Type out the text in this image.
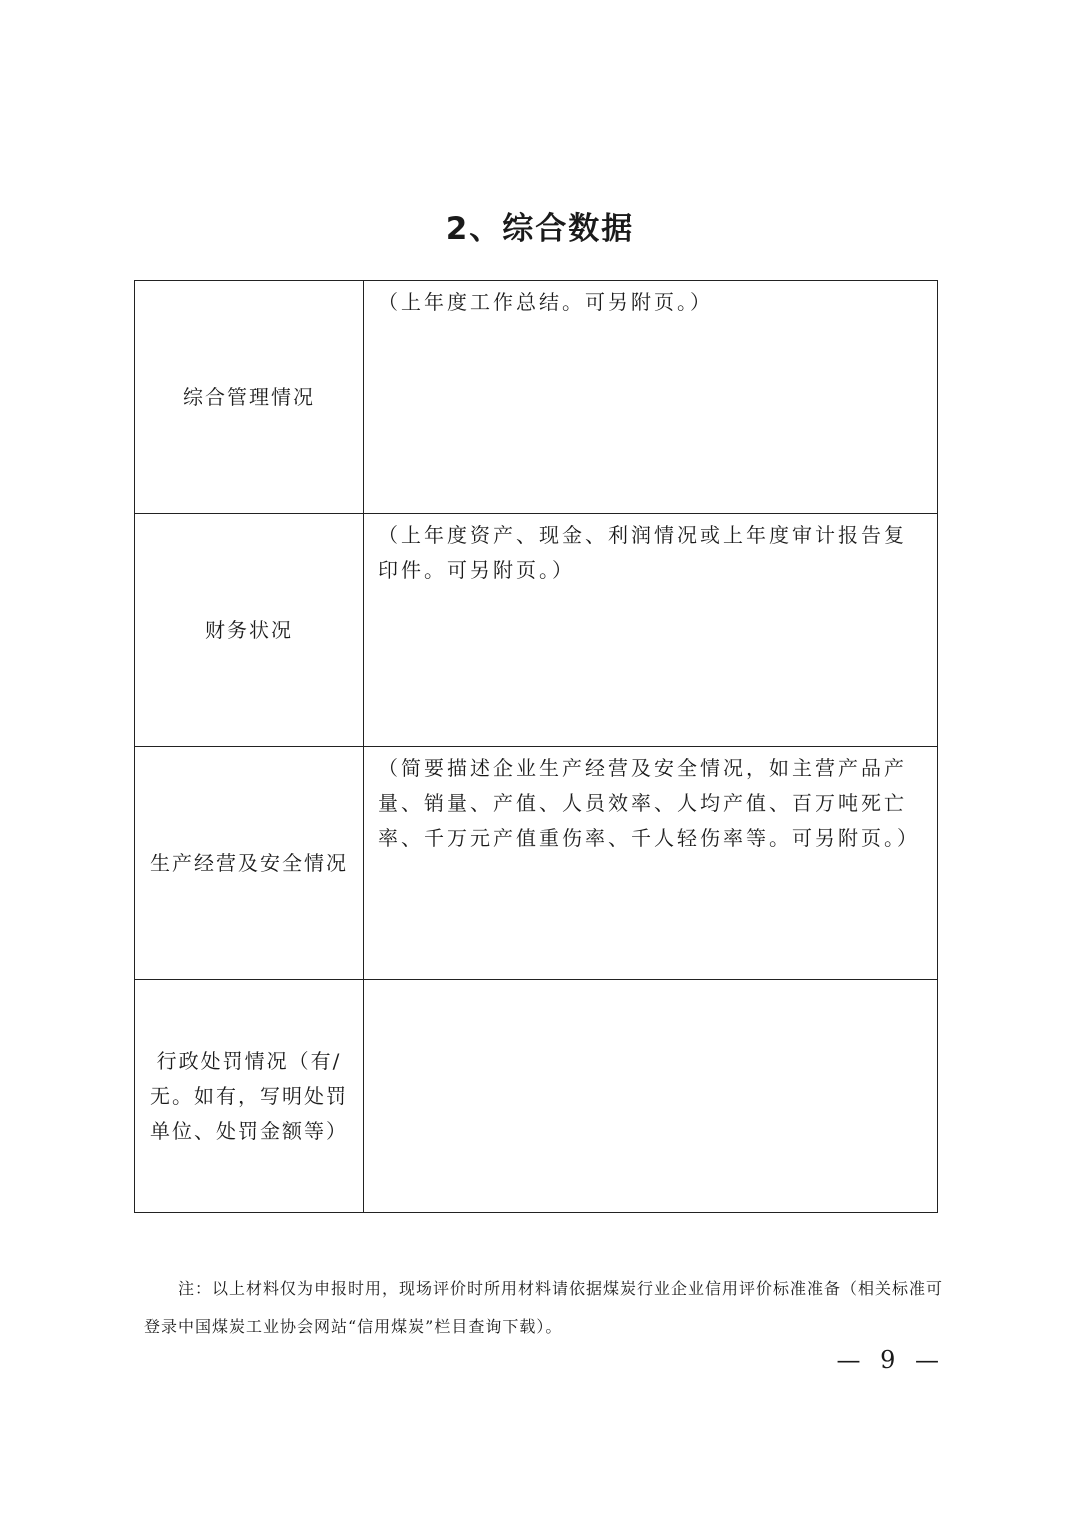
2、综合数据
综合管理情况	（上年度工作总结。可另附页。）
财务状况	（上年度资产、现金、利润情况或上年度审计报告复印件。可另附页。）
生产经营及安全情况	（简要描述企业生产经营及安全情况，如主营产品产量、销量、产值、人员效率、人均产值、百万吨死亡率、千万元产值重伤率、千人轻伤率等。可另附页。）
行政处罚情况（有/无。如有，写明处罚单位、处罚金额等）	
注：以上材料仅为申报时用，现场评价时所用材料请依据煤炭行业企业信用评价标准准备（相关标准可登录中国煤炭工业协会网站“信用煤炭”栏目查询下载）。
— 9 —
